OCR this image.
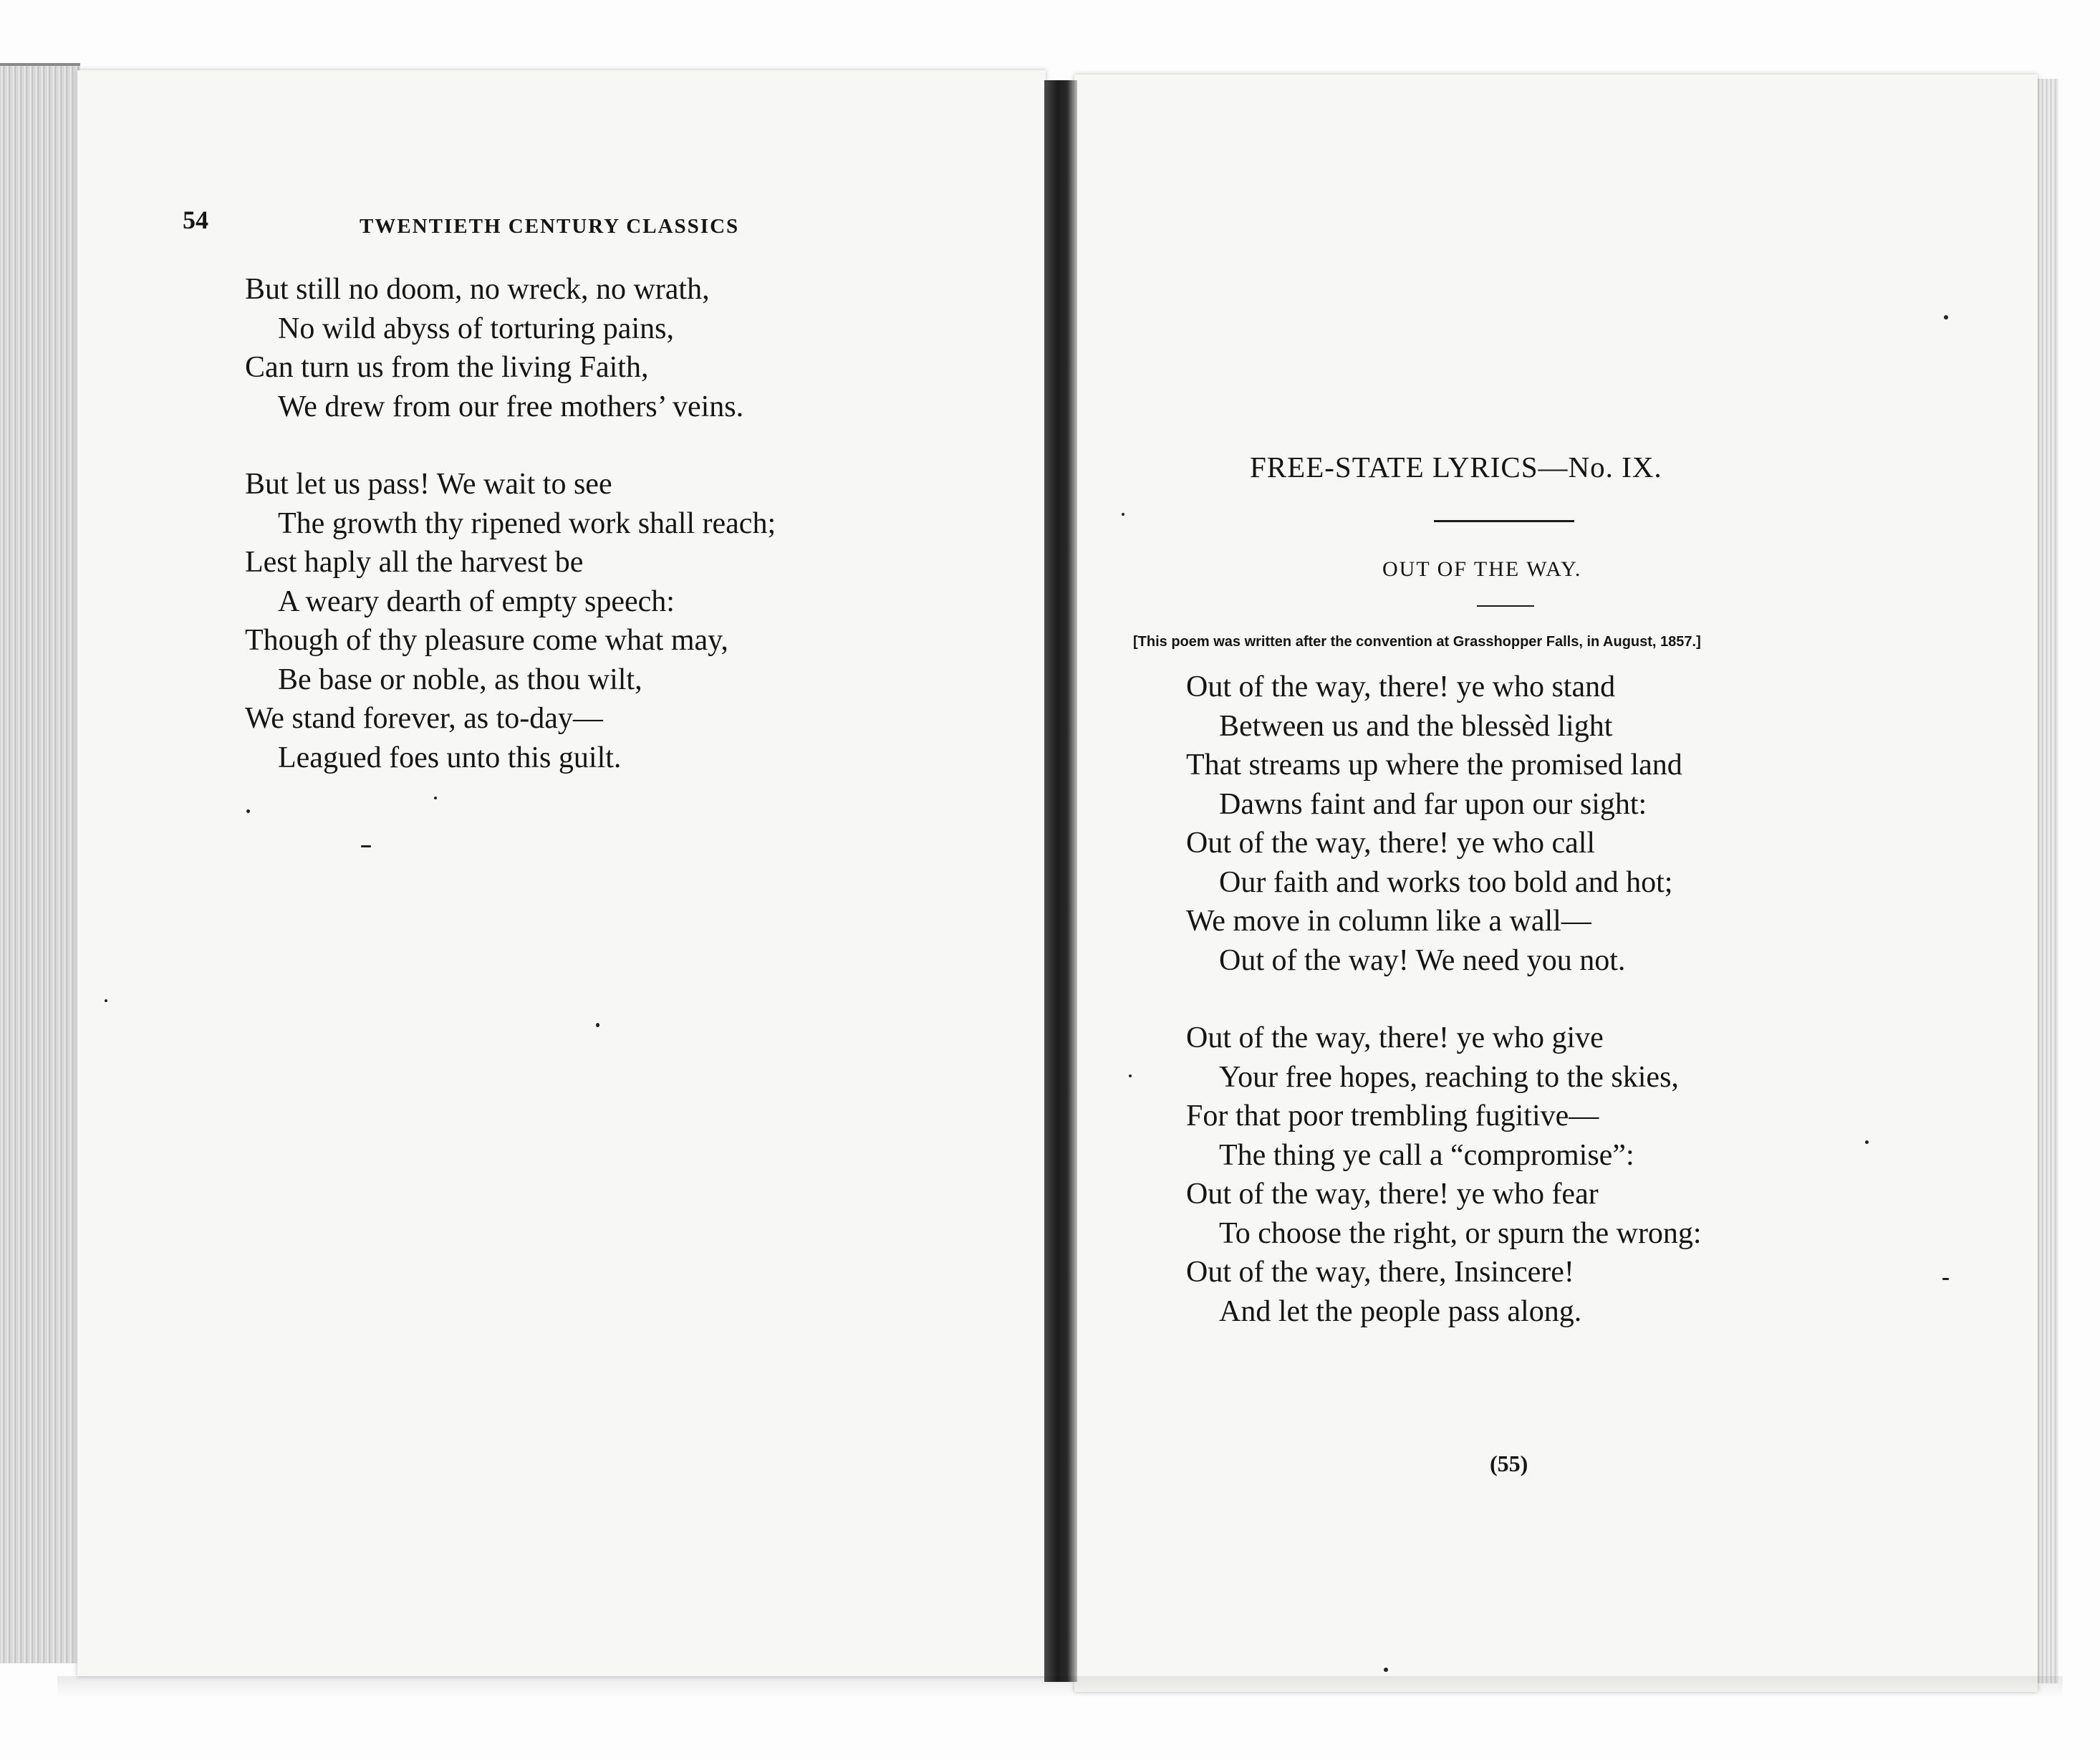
54	TWENTIETH CENTURY CLASSICS
But still no doom, no wreck, no wrath,
No wild abyss of torturing pains,
Can turn us from the living Faith,
We drew from our free mothers’ veins.
But let us pass! We wait to see
The growth thy ripened work shall reach;
Lest haply all the harvest be
A weary dearth of empty speech:
Though of thy pleasure come what may,
Be base or noble, as thou wilt,
We stand forever, as to-day—
Leagued foes unto this guilt.
FREE-STATE LYRICS—No. IX.
OUT OF THE WAY.
[This poem was written after the convention at Grasshopper Falls, in August, 1857.]
Out of the way, there! ye who stand
Between us and the blessèd light
That streams up where the promised land
Dawns faint and far upon our sight:
Out of the way, there! ye who call
Our faith and works too bold and hot;
We move in column like a wall—
Out of the way! We need you not.
Out of the way, there! ye who give
Your free hopes, reaching to the skies,
For that poor trembling fugitive—
The thing ye call a “compromise”:
Out of the way, there! ye who fear
To choose the right, or spurn the wrong:
Out of the way, there, Insincere!
And let the people pass along.
(55)
